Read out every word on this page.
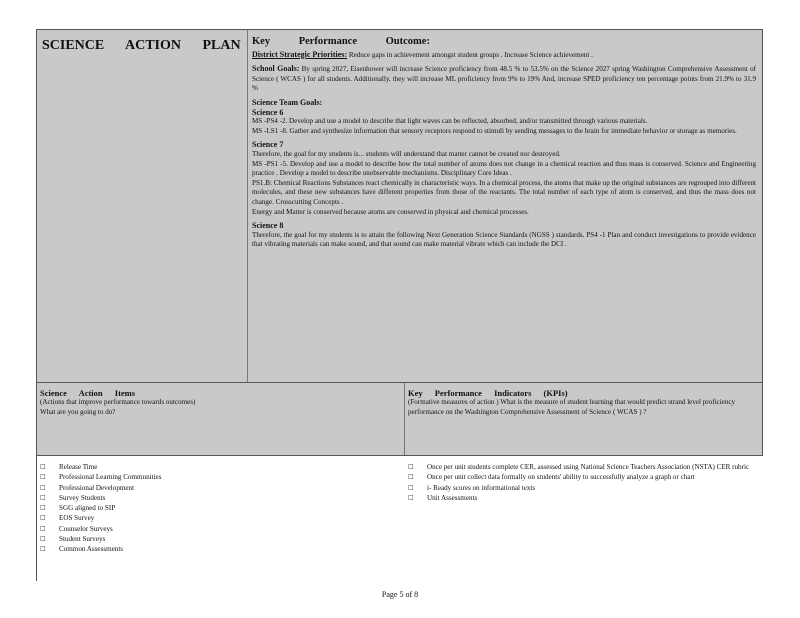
SCIENCE ACTION PLAN Key Performance Outcome:
District Strategic Priorities: Reduce gaps in achievement amongst student groups . Increase Science achievement .
School Goals: By spring 2027, Eisenhower will increase Science proficiency from 48.5 % to 53.5% on the Science 2027 spring Washington Comprehensive Assessment of Science ( WCAS ) for all students. Additionally, they will increase ML proficiency from 9% to 19% And, increase SPED proficiency ten percentage points from 21.9% to 31.9 %
Science Team Goals:
Science 6
MS -PS4 -2. Develop and use a model to describe that light waves can be reflected, absorbed, and/or transmitted through various materials.
MS -LS1 -8. Gather and synthesize information that sensory receptors respond to stimuli by sending messages to the brain for immediate behavior or storage as memories.
Science 7
Therefore, the goal for my students is... students will understand that matter cannot be created nor destroyed.
MS -PS1 -5. Develop and use a model to describe how the total number of atoms does not change in a chemical reaction and thus mass is conserved. Science and Engineering practice . Develop a model to describe unobservable mechanisms. Disciplinary Core Ideas .
PS1.B: Chemical Reactions Substances react chemically in characteristic ways. In a chemical process, the atoms that make up the original substances are regrouped into different molecules, and these new substances have different properties from those of the reactants. The total number of each type of atom is conserved, and thus the mass does not change. Crosscutting Concepts .
Energy and Matter is conserved because atoms are conserved in physical and chemical processes.
Science 8
Therefore, the goal for my students is to attain the following Next Generation Science Standards (NGSS ) standards. PS4 -1 Plan and conduct investigations to provide evidence that vibrating materials can make sound, and that sound can make material vibrate which can include the DCI .
Science Action Items
(Actions that improve performance towards outcomes)
What are you going to do?
Key Performance Indicators (KPIs)
(Formative measures of action ) What is the measure of student learning that would predict strand level proficiency performance on the Washington Comprehensive Assessment of Science ( WCAS ) ?
□	Release Time
□	Professional Learning Communities
□	Professional Development
□	Survey Students
□	SGG aligned to SIP
□	EOS Survey
□	Counselor Surveys
□	Student Surveys
□	Common Assessments
□	Once per unit students complete CER, assessed using National Science Teachers Association (NSTA) CER rubric
□	Once per unit collect data formally on students' ability to successfully analyze a graph or chart
□	i- Ready scores on informational texts
□	Unit Assessments
Page 5 of 8
